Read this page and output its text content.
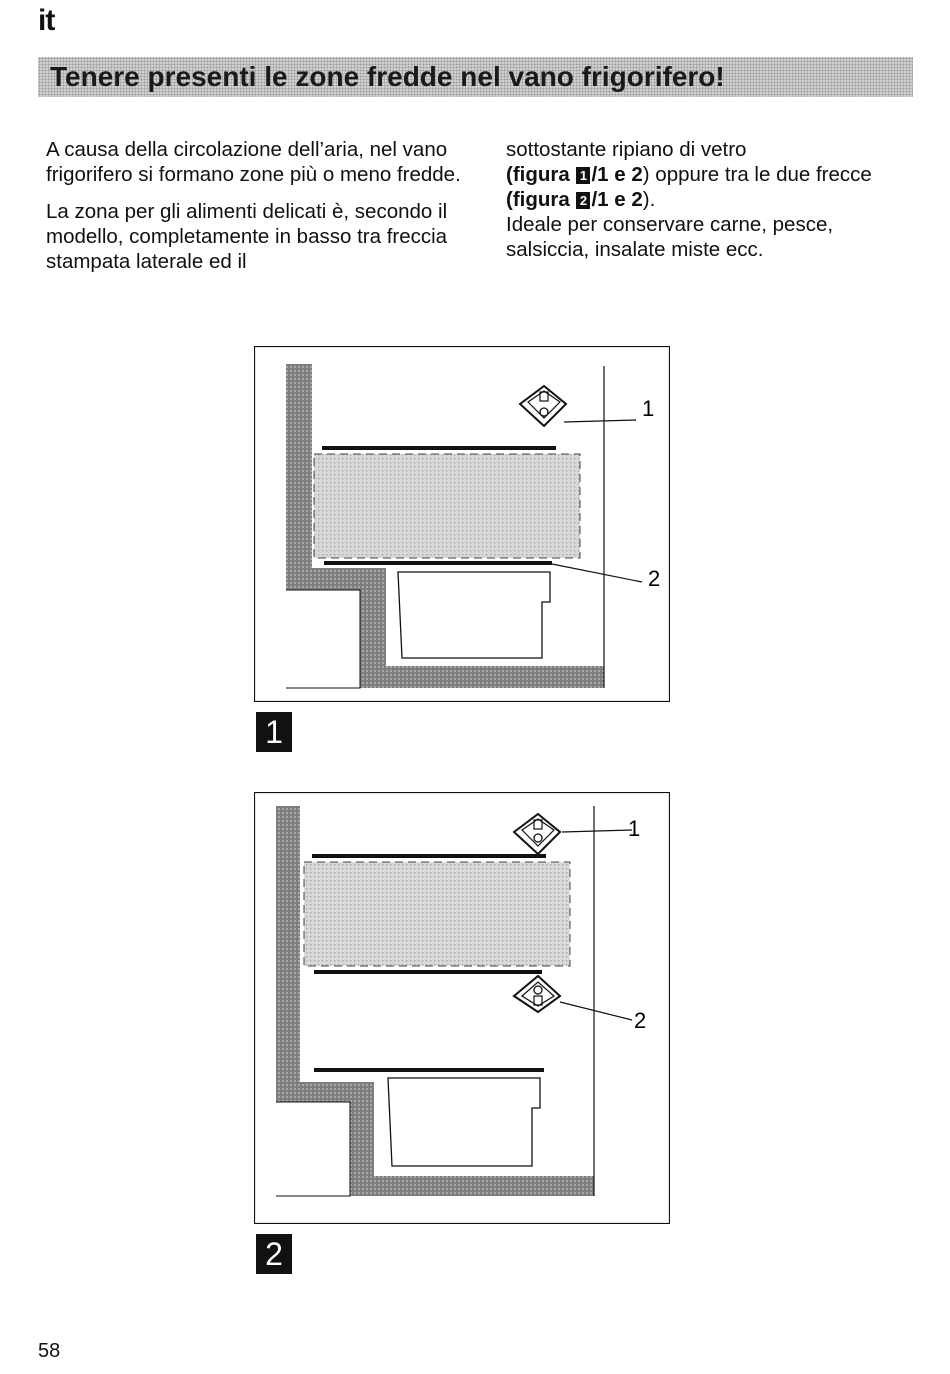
it
Tenere presenti le zone fredde nel vano frigorifero!

A causa della circolazione dell’aria, nel vano frigorifero si formano zone più o meno fredde.

La zona per gli alimenti delicati è, secondo il modello, completamente in basso tra freccia stampata laterale ed il

sottostante ripiano di vetro
(figura 1 /1 e 2) oppure tra le due frecce
(figura 2 /1 e 2).
Ideale per conservare carne, pesce, salsiccia, insalate miste ecc.
1
2
1
1
2
2
58
